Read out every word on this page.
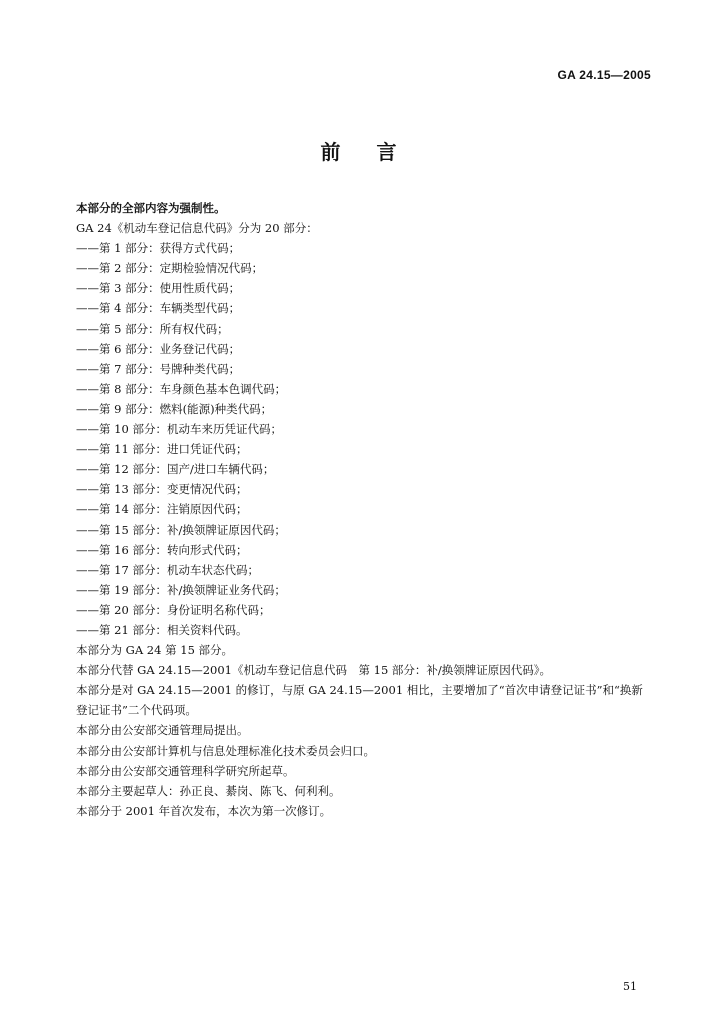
GA 24.15—2005
前言
本部分的全部内容为强制性。
GA 24《机动车登记信息代码》分为 20 部分：
——第 1 部分：获得方式代码；
——第 2 部分：定期检验情况代码；
——第 3 部分：使用性质代码；
——第 4 部分：车辆类型代码；
——第 5 部分：所有权代码；
——第 6 部分：业务登记代码；
——第 7 部分：号牌种类代码；
——第 8 部分：车身颜色基本色调代码；
——第 9 部分：燃料(能源)种类代码；
——第 10 部分：机动车来历凭证代码；
——第 11 部分：进口凭证代码；
——第 12 部分：国产/进口车辆代码；
——第 13 部分：变更情况代码；
——第 14 部分：注销原因代码；
——第 15 部分：补/换领牌证原因代码；
——第 16 部分：转向形式代码；
——第 17 部分：机动车状态代码；
——第 19 部分：补/换领牌证业务代码；
——第 20 部分：身份证明名称代码；
——第 21 部分：相关资料代码。
本部分为 GA 24 第 15 部分。
本部分代替 GA 24.15—2001《机动车登记信息代码　第 15 部分：补/换领牌证原因代码》。
本部分是对 GA 24.15—2001 的修订，与原 GA 24.15—2001 相比，主要增加了“首次申请登记证书”和“换新登记证书”二个代码项。
本部分由公安部交通管理局提出。
本部分由公安部计算机与信息处理标准化技术委员会归口。
本部分由公安部交通管理科学研究所起草。
本部分主要起草人：孙正良、綦岗、陈飞、何利利。
本部分于 2001 年首次发布，本次为第一次修订。
51
